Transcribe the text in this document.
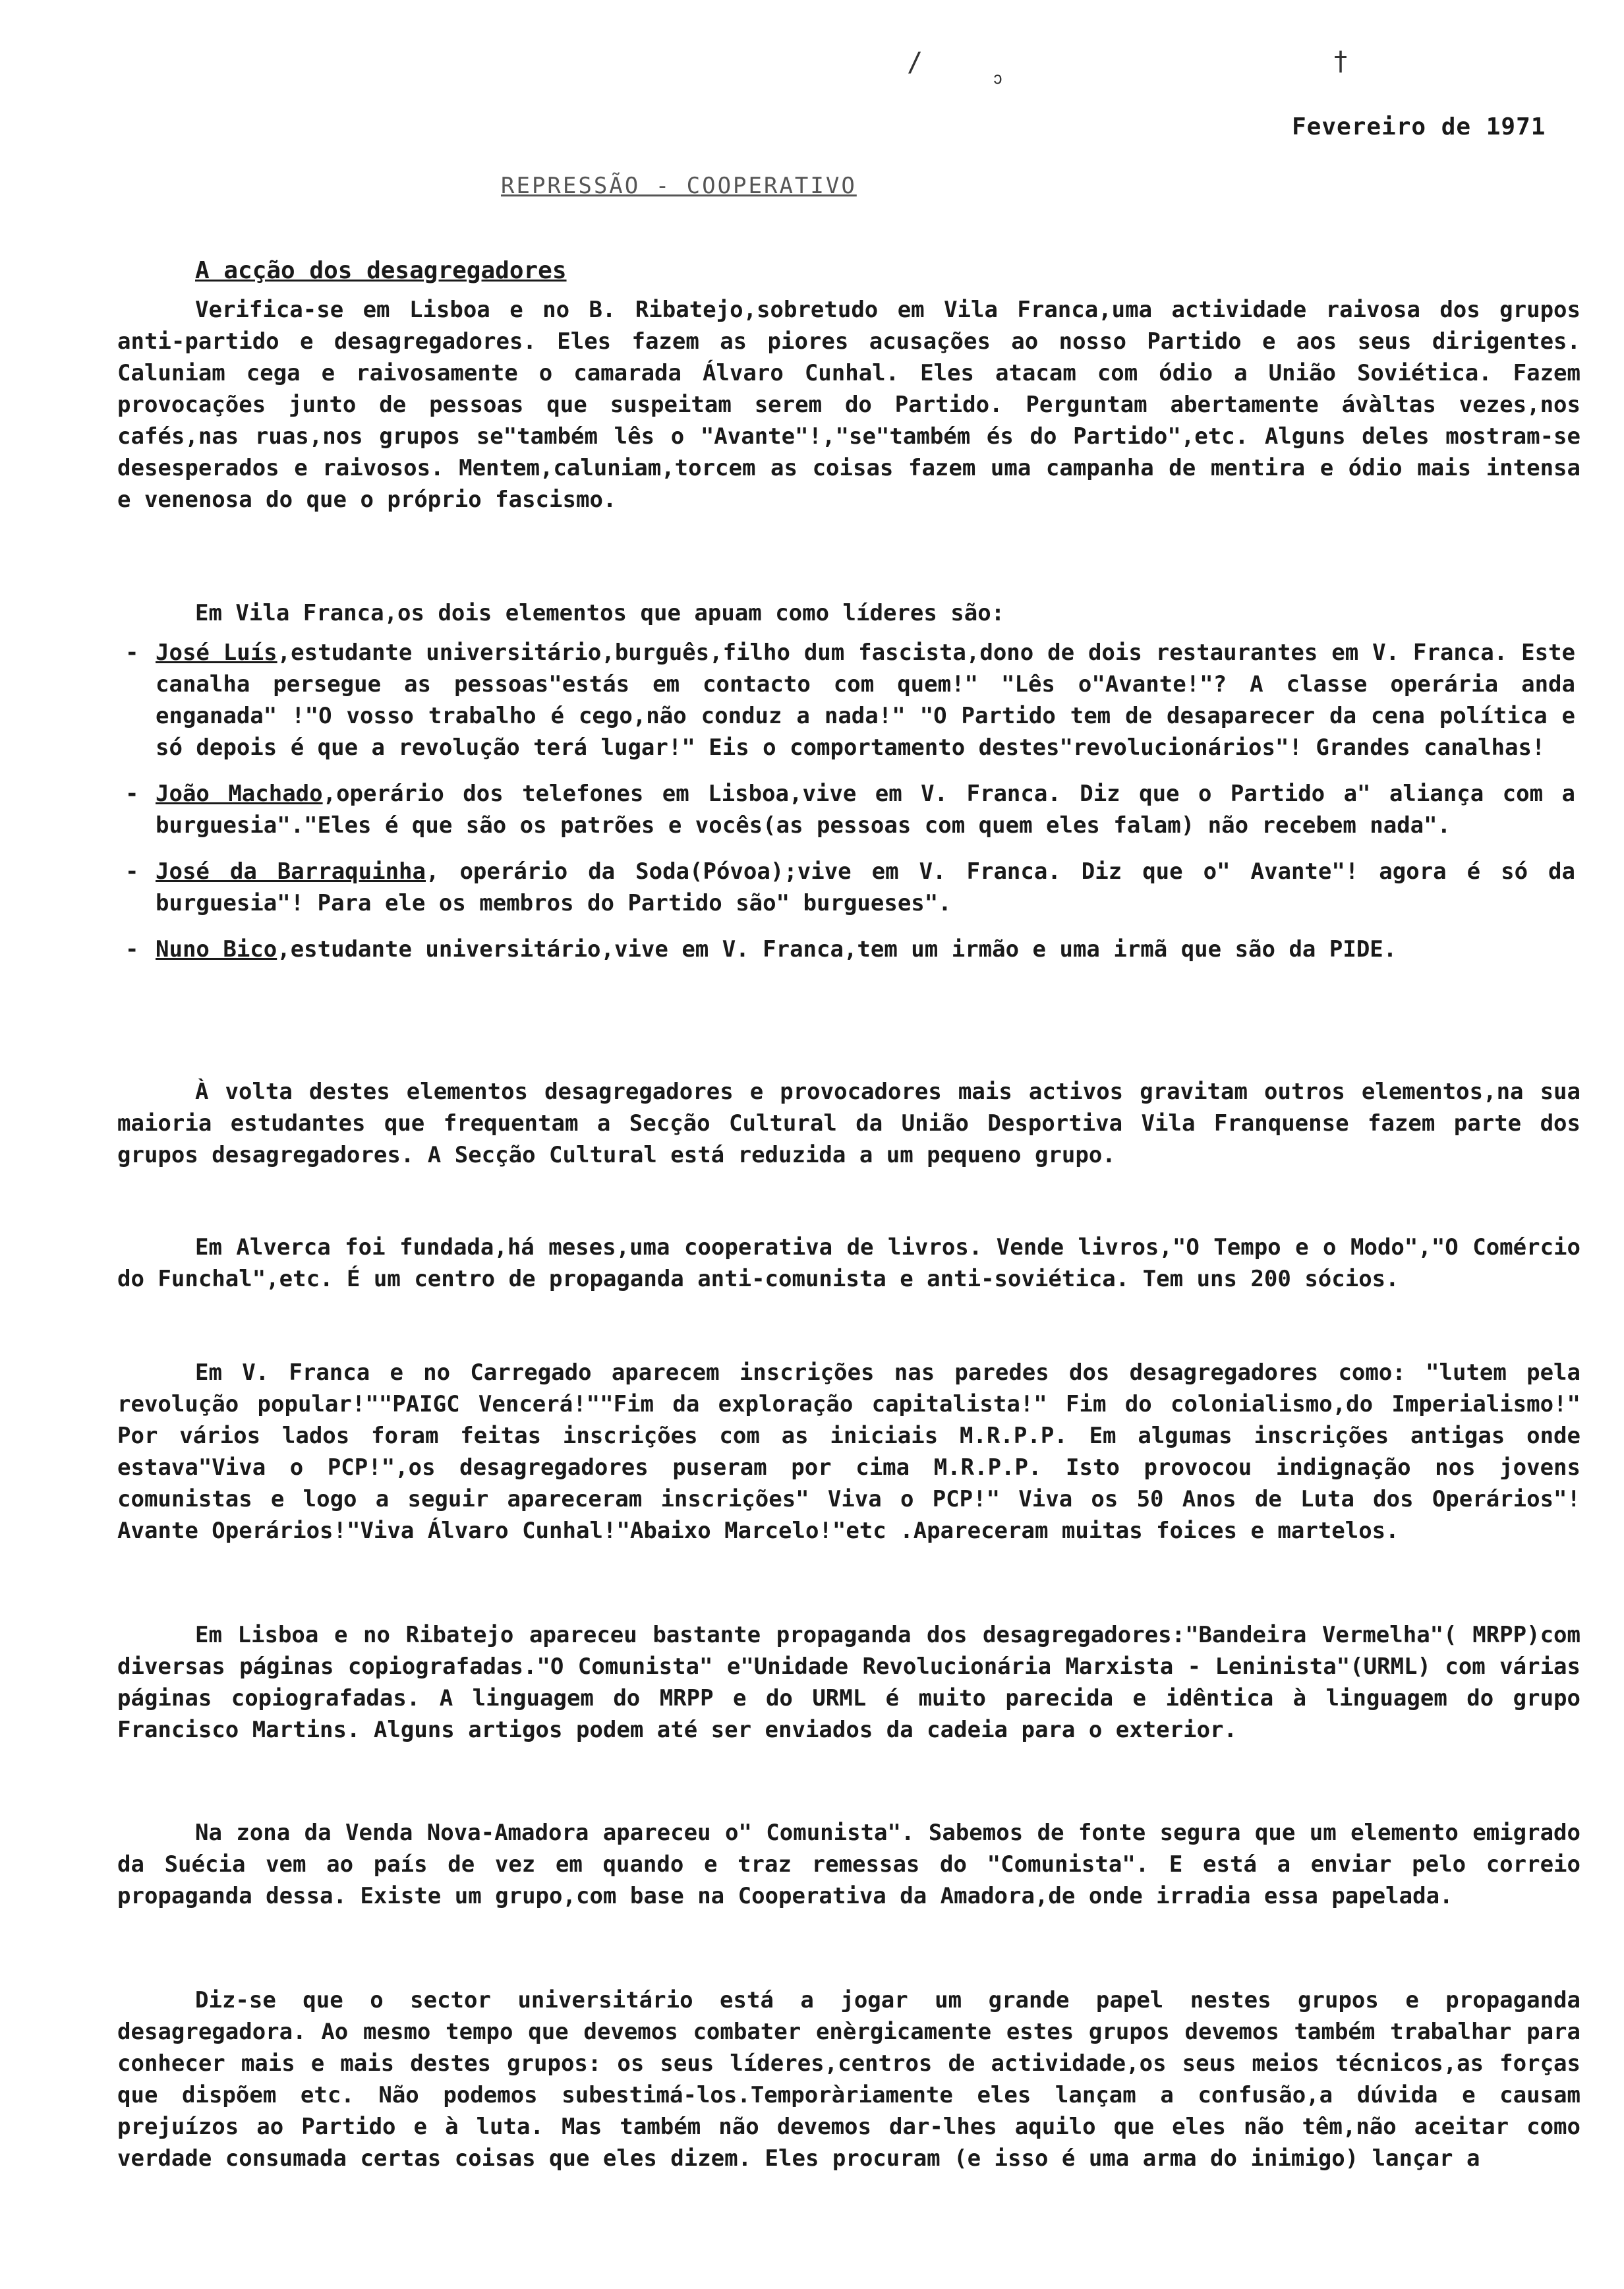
/
ↄ
†
Fevereiro de 1971
REPRESSÃO - COOPERATIVO
A acção dos desagregadores

Verifica-se em Lisboa e no B. Ribatejo,sobretudo em Vila Franca,uma actividade raivosa dos grupos anti-partido e desagregadores. Eles fazem as piores acusações ao nosso Partido e aos seus dirigentes. Caluniam cega e raivosamente o camarada Álvaro Cunhal. Eles atacam com ódio a União Soviética. Fazem provocações junto de pessoas que suspeitam serem do Partido. Perguntam abertamente ávàltas vezes,nos cafés,nas ruas,nos grupos se"também lês o "Avante"!,"se"também és do Partido",etc. Alguns deles mostram-se desesperados e raivosos. Mentem,caluniam,torcem as coisas fazem uma campanha de mentira e ódio mais intensa e venenosa do que o próprio fascismo.

Em Vila Franca,os dois elementos que apuam como líderes são:

- José Luís,estudante universitário,burguês,filho dum fascista,dono de dois restaurantes em V. Franca. Este canalha persegue as pessoas"estás em contacto com quem!" "Lês o"Avante!"? A classe operária anda enganada" !"O vosso trabalho é cego,não conduz a nada!" "O Partido tem de desaparecer da cena política e só depois é que a revolução terá lugar!" Eis o comportamento destes"revolucionários"! Grandes canalhas!
- João Machado,operário dos telefones em Lisboa,vive em V. Franca. Diz que o Partido a" aliança com a burguesia"."Eles é que são os patrões e vocês(as pessoas com quem eles falam) não recebem nada".
- José da Barraquinha, operário da Soda(Póvoa);vive em V. Franca. Diz que o" Avante"! agora é só da burguesia"! Para ele os membros do Partido são" burgueses".
- Nuno Bico,estudante universitário,vive em V. Franca,tem um irmão e uma irmã que são da PIDE.

À volta destes elementos desagregadores e provocadores mais activos gravitam outros elementos,na sua maioria estudantes que frequentam a Secção Cultural da União Desportiva Vila Franquense fazem parte dos grupos desagregadores. A Secção Cultural está reduzida a um pequeno grupo.

Em Alverca foi fundada,há meses,uma cooperativa de livros. Vende livros,"O Tempo e o Modo","O Comércio do Funchal",etc. É um centro de propaganda anti-comunista e anti-soviética. Tem uns 200 sócios.

Em V. Franca e no Carregado aparecem inscrições nas paredes dos desagregadores como: "lutem pela revolução popular!""PAIGC Vencerá!""Fim da exploração capitalista!" Fim do colonialismo,do Imperialismo!" Por vários lados foram feitas inscrições com as iniciais M.R.P.P. Em algumas inscrições antigas onde estava"Viva o PCP!",os desagregadores puseram por cima M.R.P.P. Isto provocou indignação nos jovens comunistas e logo a seguir apareceram inscrições" Viva o PCP!" Viva os 50 Anos de Luta dos Operários"! Avante Operários!"Viva Álvaro Cunhal!"Abaixo Marcelo!"etc .Apareceram muitas foices e martelos.

Em Lisboa e no Ribatejo apareceu bastante propaganda dos desagregadores:"Bandeira Vermelha"( MRPP)com diversas páginas copiografadas."O Comunista" e"Unidade Revolucionária Marxista - Leninista"(URML) com várias páginas copiografadas. A linguagem do MRPP e do URML é muito parecida e idêntica à linguagem do grupo Francisco Martins. Alguns artigos podem até ser enviados da cadeia para o exterior.

Na zona da Venda Nova-Amadora apareceu o" Comunista". Sabemos de fonte segura que um elemento emigrado da Suécia vem ao país de vez em quando e traz remessas do "Comunista". E está a enviar pelo correio propaganda dessa. Existe um grupo,com base na Cooperativa da Amadora,de onde irradia essa papelada.

Diz-se que o sector universitário está a jogar um grande papel nestes grupos e propaganda desagregadora. Ao mesmo tempo que devemos combater enèrgicamente estes grupos devemos também trabalhar para conhecer mais e mais destes grupos: os seus líderes,centros de actividade,os seus meios técnicos,as forças que dispõem etc. Não podemos subestimá-los.Temporàriamente eles lançam a confusão,a dúvida e causam prejuízos ao Partido e à luta. Mas também não devemos dar-lhes aquilo que eles não têm,não aceitar como verdade consumada certas coisas que eles dizem. Eles procuram (e isso é uma arma do inimigo) lançar a
